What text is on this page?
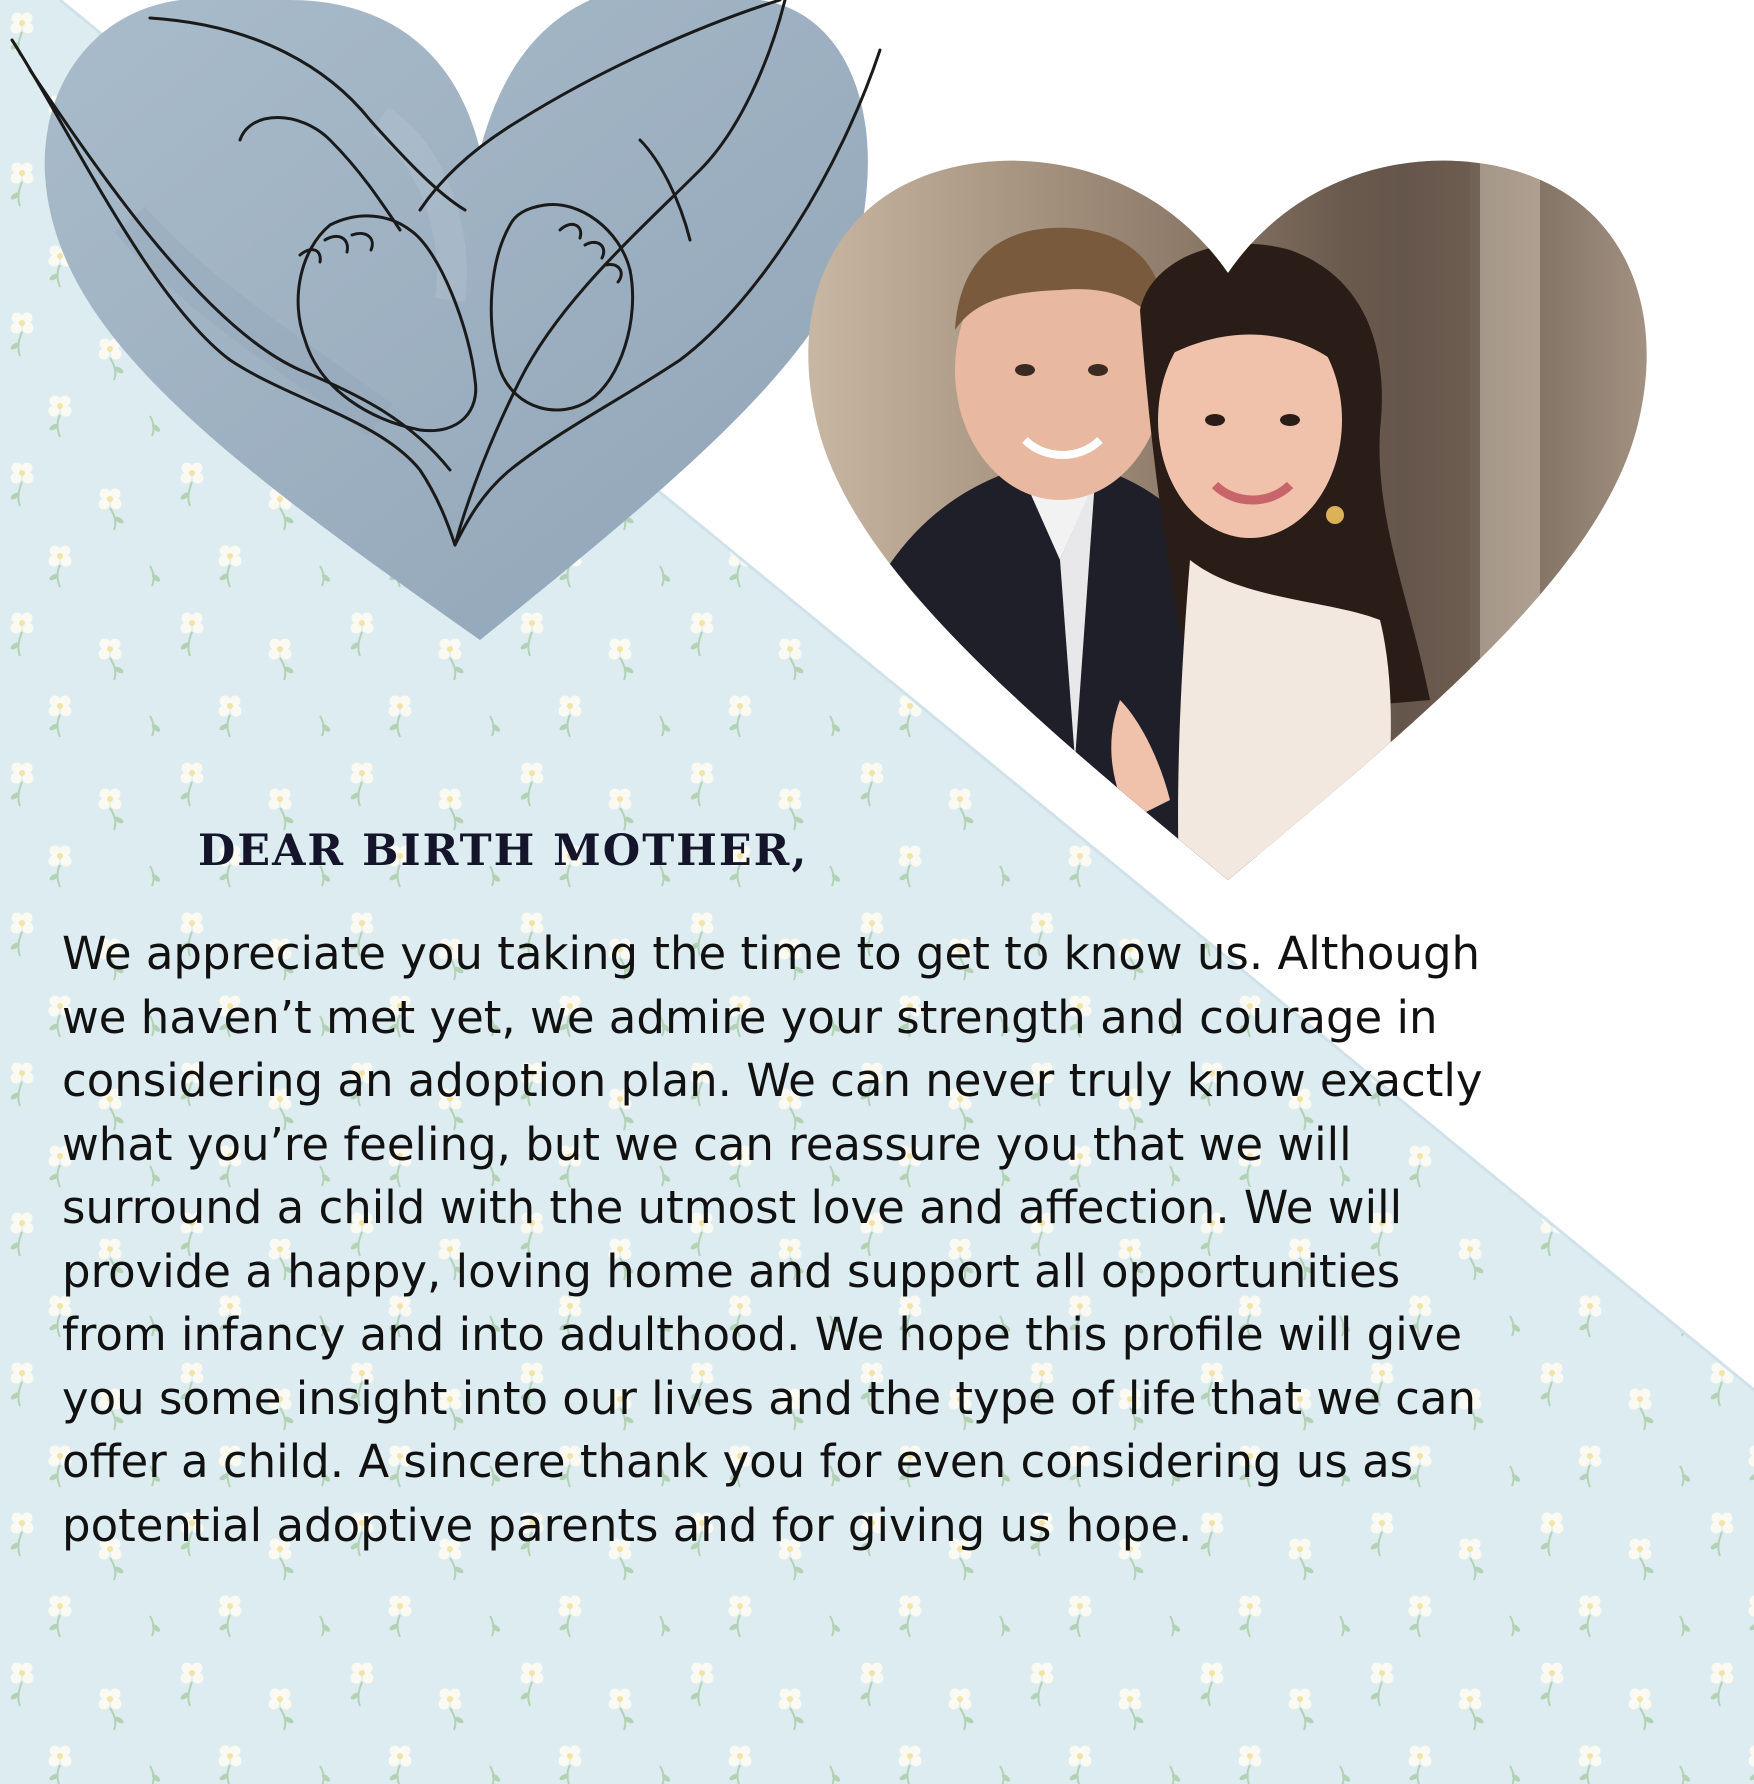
DEAR BIRTH MOTHER,
We appreciate you taking the time to get to know us. Although
we haven’t met yet, we admire your strength and courage in
considering an adoption plan. We can never truly know exactly
what you’re feeling, but we can reassure you that we will
surround a child with the utmost love and affection. We will
provide a happy, loving home and support all opportunities
from infancy and into adulthood. We hope this profile will give
you some insight into our lives and the type of life that we can
offer a child. A sincere thank you for even considering us as
potential adoptive parents and for giving us hope.
